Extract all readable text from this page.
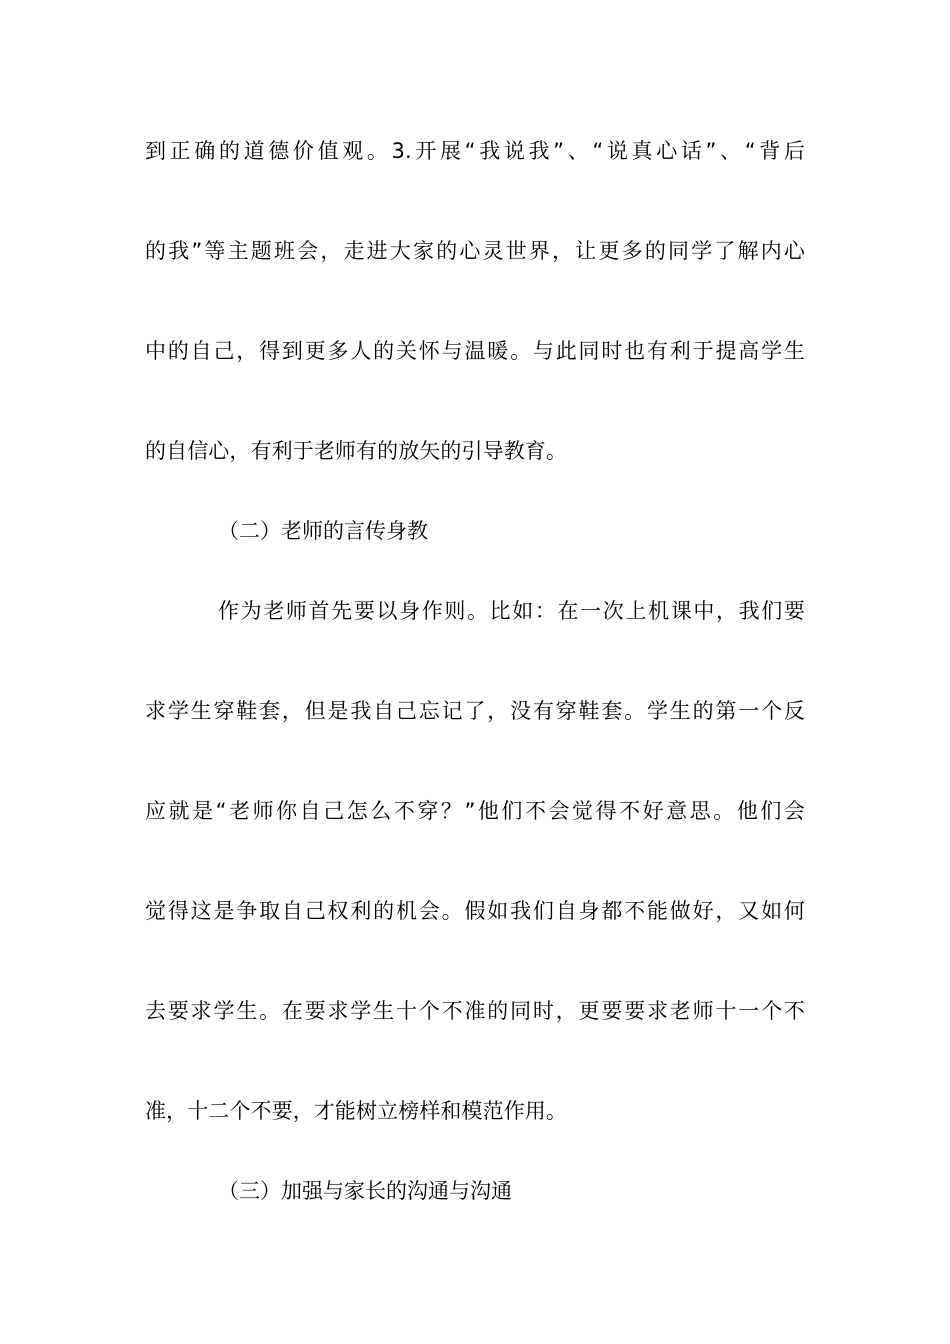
到正确的道德价值观。3.开展“我说我”、“说真心话”、“背后
的我”等主题班会，走进大家的心灵世界，让更多的同学了解内心
中的自己，得到更多人的关怀与温暖。与此同时也有利于提高学生
的自信心，有利于老师有的放矢的引导教育。
（二）老师的言传身教
作为老师首先要以身作则。比如：在一次上机课中，我们要
求学生穿鞋套，但是我自己忘记了，没有穿鞋套。学生的第一个反
应就是“老师你自己怎么不穿？”他们不会觉得不好意思。他们会
觉得这是争取自己权利的机会。假如我们自身都不能做好，又如何
去要求学生。在要求学生十个不准的同时，更要要求老师十一个不
准，十二个不要，才能树立榜样和模范作用。
（三）加强与家长的沟通与沟通
